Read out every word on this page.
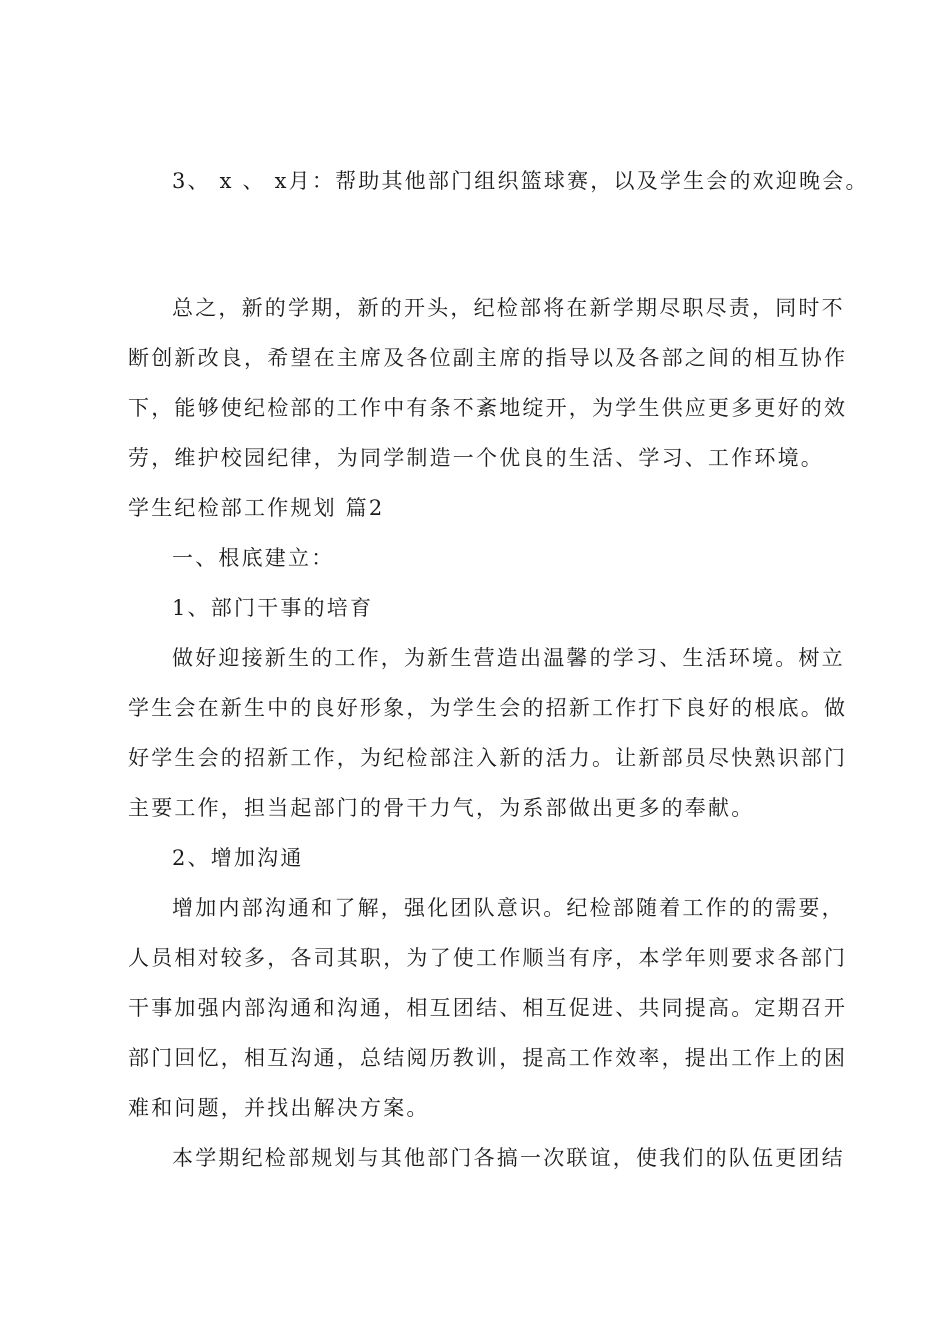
3、 x 、 x月：帮助其他部门组织篮球赛，以及学生会的欢迎晚会。
总之，新的学期，新的开头，纪检部将在新学期尽职尽责，同时不
断创新改良，希望在主席及各位副主席的指导以及各部之间的相互协作
下，能够使纪检部的工作中有条不紊地绽开，为学生供应更多更好的效
劳，维护校园纪律，为同学制造一个优良的生活、学习、工作环境。
学生纪检部工作规划 篇2
一、根底建立：
1、部门干事的培育
做好迎接新生的工作，为新生营造出温馨的学习、生活环境。树立
学生会在新生中的良好形象，为学生会的招新工作打下良好的根底。做
好学生会的招新工作，为纪检部注入新的活力。让新部员尽快熟识部门
主要工作，担当起部门的骨干力气，为系部做出更多的奉献。
2、增加沟通
增加内部沟通和了解，强化团队意识。纪检部随着工作的的需要，
人员相对较多，各司其职，为了使工作顺当有序，本学年则要求各部门
干事加强内部沟通和沟通，相互团结、相互促进、共同提高。定期召开
部门回忆，相互沟通，总结阅历教训，提高工作效率，提出工作上的困
难和问题，并找出解决方案。
本学期纪检部规划与其他部门各搞一次联谊，使我们的队伍更团结
